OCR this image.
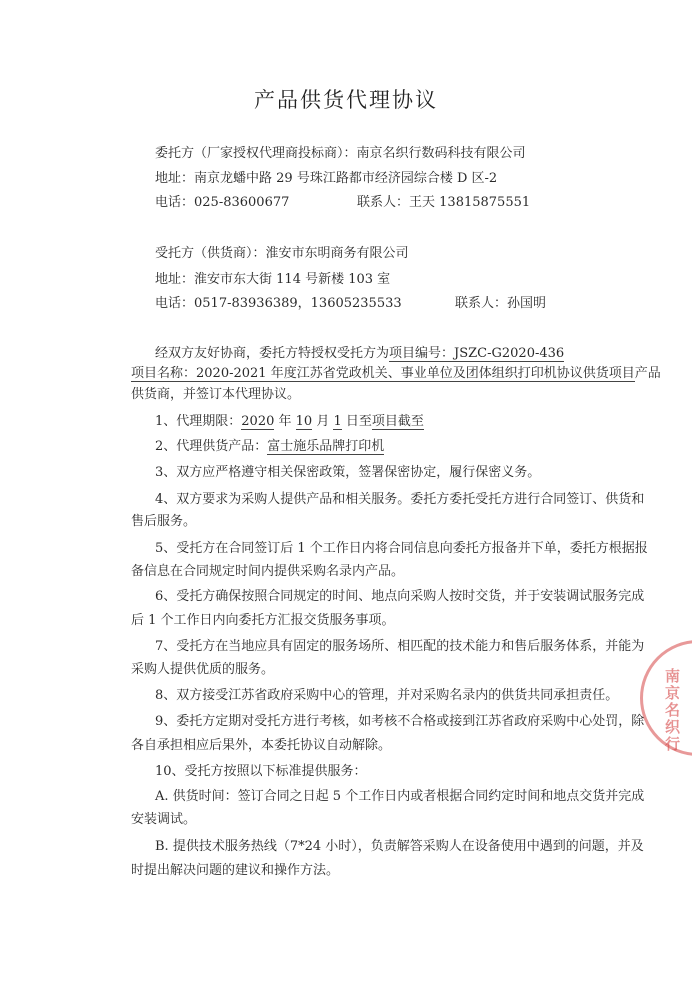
产品供货代理协议
委托方（厂家授权代理商投标商）：南京名织行数码科技有限公司
地址：南京龙蟠中路 29 号珠江路都市经济园综合楼 D 区-2
电话：025-83600677	联系人：王天 13815875551
受托方（供货商）：淮安市东明商务有限公司
地址：淮安市东大街 114 号新楼 103 室
电话：0517-83936389，13605235533	联系人：孙国明
经双方友好协商，委托方特授权受托方为项目编号：JSZC-G2020-436
项目名称：2020-2021 年度江苏省党政机关、事业单位及团体组织打印机协议供货项目产品
供货商，并签订本代理协议。
1、代理期限：2020 年 10 月 1 日至项目截至
2、代理供货产品：富士施乐品牌打印机
3、双方应严格遵守相关保密政策，签署保密协定，履行保密义务。
4、双方要求为采购人提供产品和相关服务。委托方委托受托方进行合同签订、供货和
售后服务。
5、受托方在合同签订后 1 个工作日内将合同信息向委托方报备并下单，委托方根据报
备信息在合同规定时间内提供采购名录内产品。
6、受托方确保按照合同规定的时间、地点向采购人按时交货，并于安装调试服务完成
后 1 个工作日内向委托方汇报交货服务事项。
7、受托方在当地应具有固定的服务场所、相匹配的技术能力和售后服务体系，并能为
采购人提供优质的服务。
8、双方接受江苏省政府采购中心的管理，并对采购名录内的供货共同承担责任。
9、委托方定期对受托方进行考核，如考核不合格或接到江苏省政府采购中心处罚，除
各自承担相应后果外，本委托协议自动解除。
10、受托方按照以下标准提供服务：
A. 供货时间：签订合同之日起 5 个工作日内或者根据合同约定时间和地点交货并完成
安装调试。
B. 提供技术服务热线（7*24 小时），负责解答采购人在设备使用中遇到的问题，并及
时提出解决问题的建议和操作方法。
南京名织行
